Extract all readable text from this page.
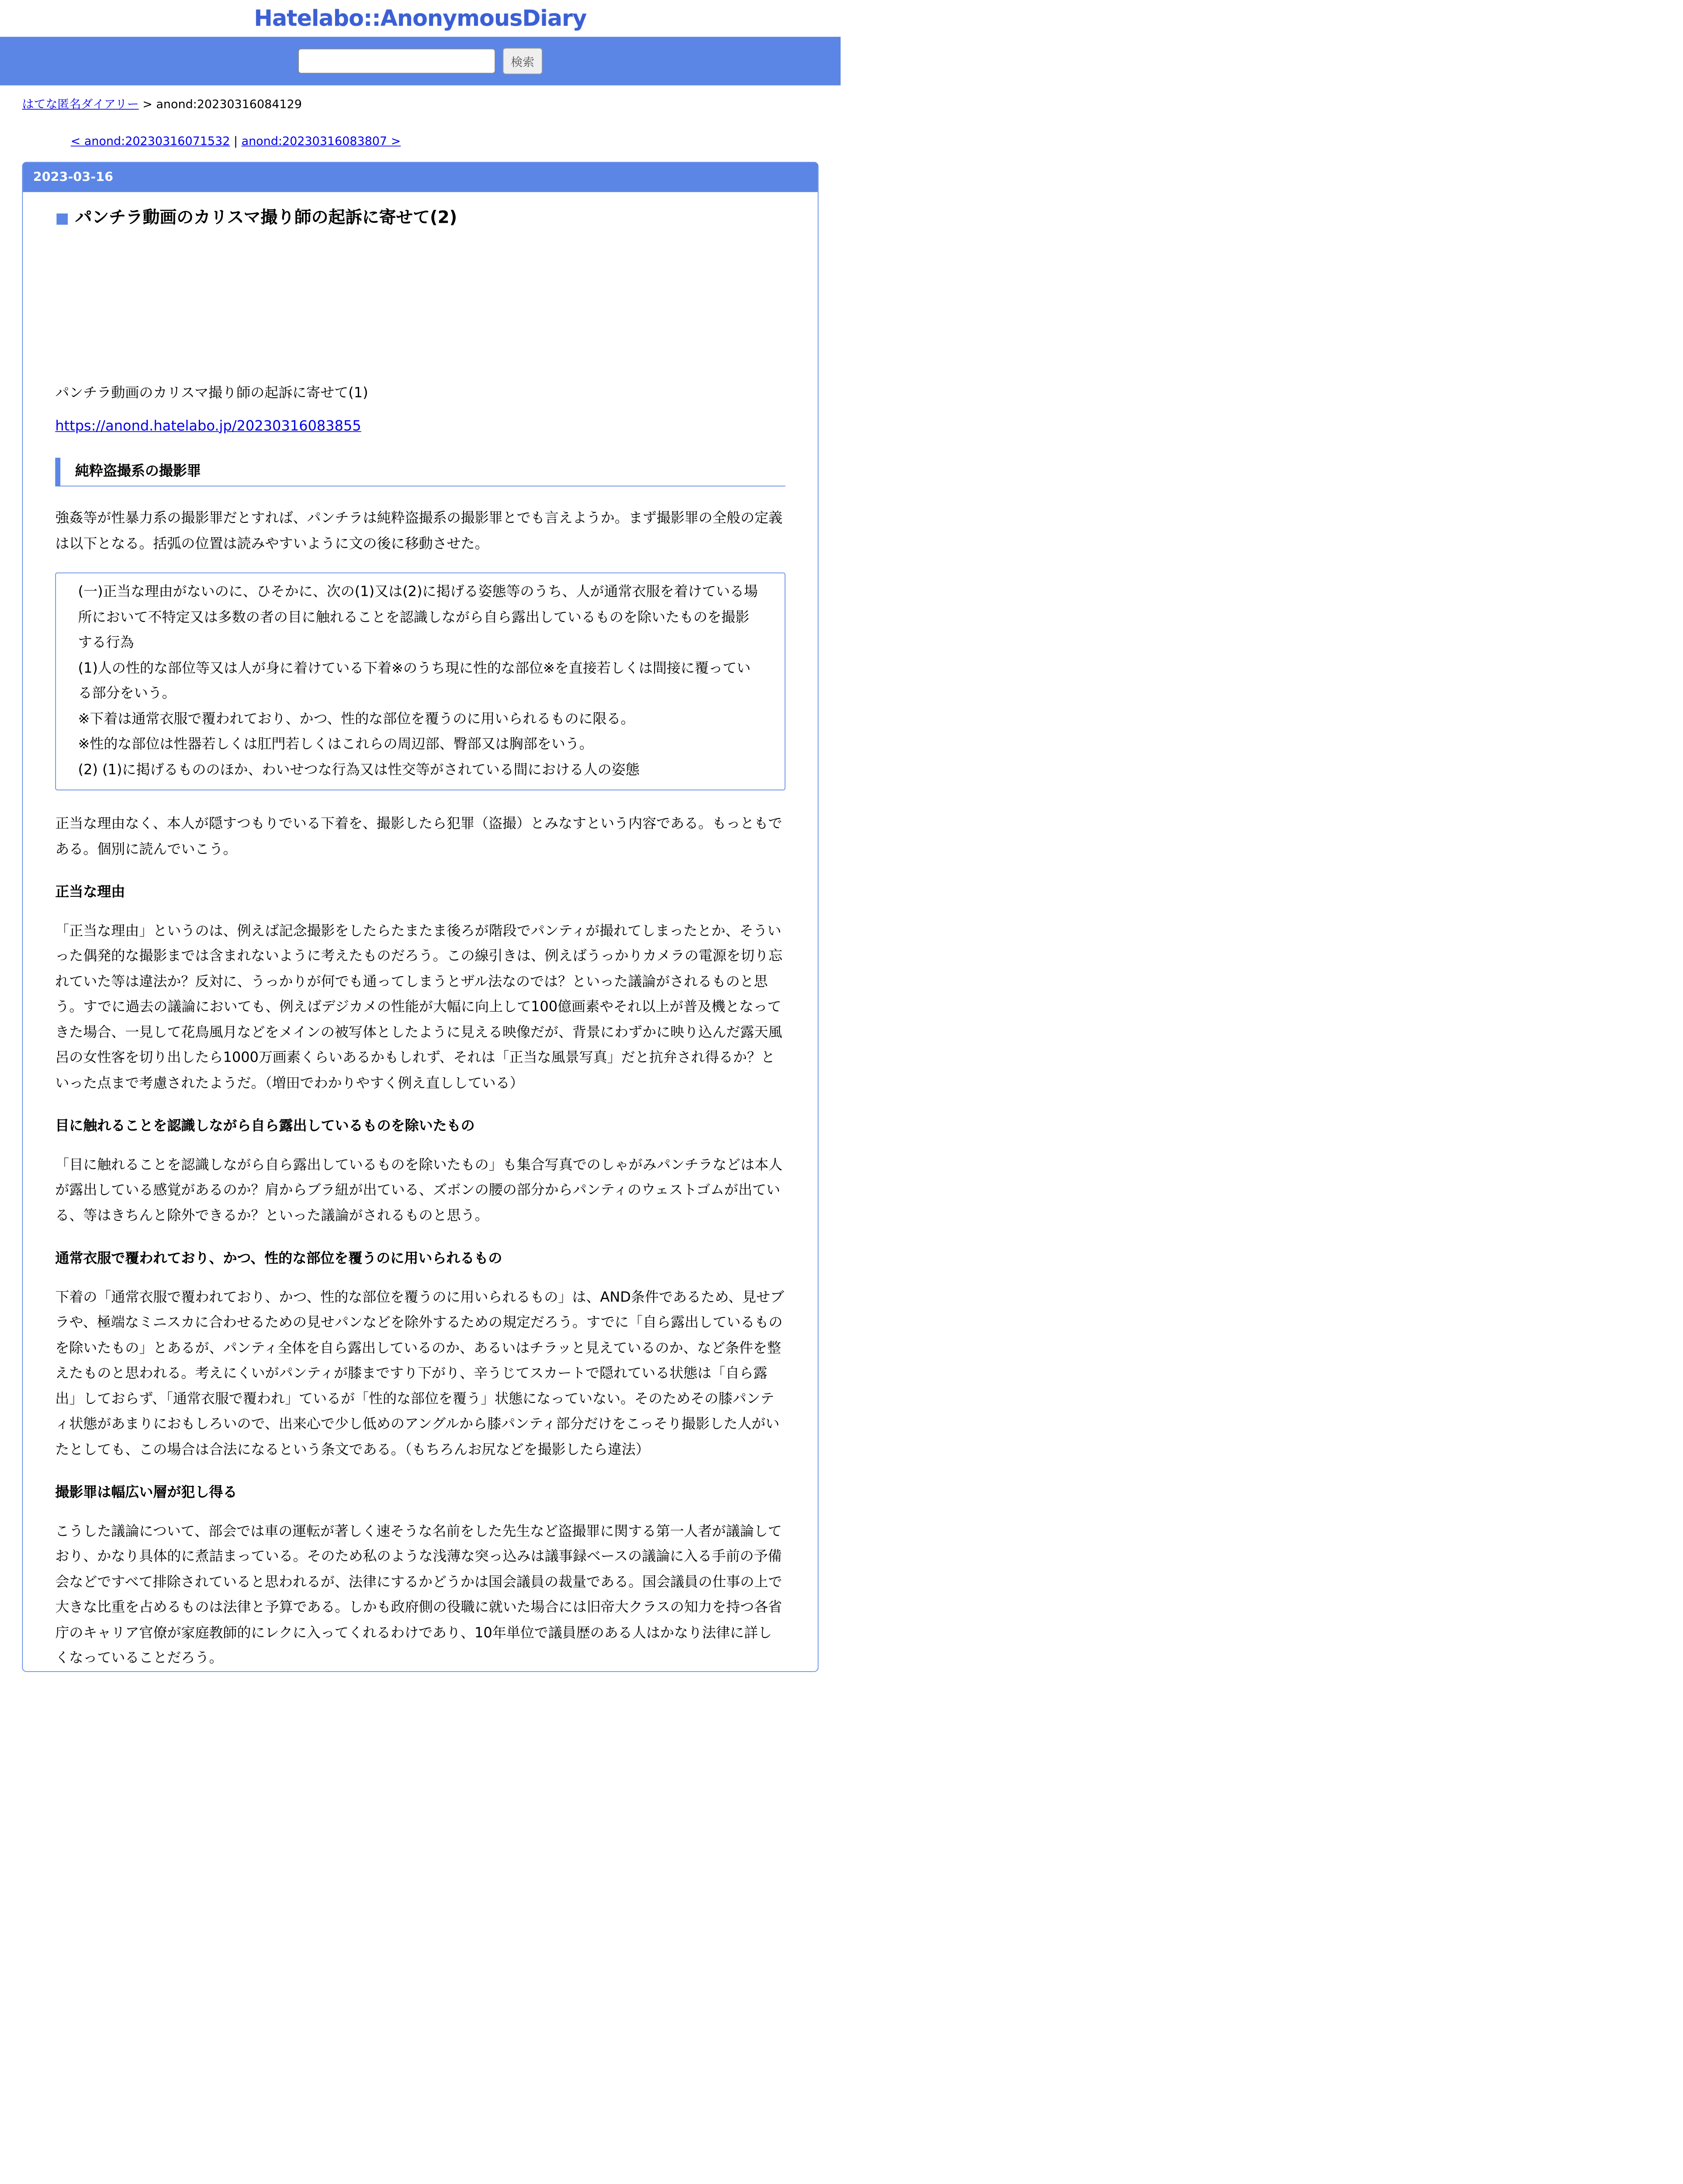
Hatelabo::AnonymousDiary
検索
はてな匿名ダイアリー > anond:20230316084129
< anond:20230316071532 | anond:20230316083807 >
2023-03-16
■ パンチラ動画のカリスマ撮り師の起訴に寄せて(2)

パンチラ動画のカリスマ撮り師の起訴に寄せて(1)

https://anond.hatelabo.jp/20230316083855

純粋盗撮系の撮影罪

強姦等が性暴力系の撮影罪だとすれば、パンチラは純粋盗撮系の撮影罪とでも言えようか。まず撮影罪の全般の定義は以下となる。括弧の位置は読みやすいように文の後に移動させた。

(一)正当な理由がないのに、ひそかに、次の(1)又は(2)に掲げる姿態等のうち、人が通常衣服を着けている場所において不特定又は多数の者の目に触れることを認識しながら自ら露出しているものを除いたものを撮影する行為

(1)人の性的な部位等又は人が身に着けている下着※のうち現に性的な部位※を直接若しくは間接に覆っている部分をいう。

※下着は通常衣服で覆われており、かつ、性的な部位を覆うのに用いられるものに限る。

※性的な部位は性器若しくは肛門若しくはこれらの周辺部、臀部又は胸部をいう。

(2) (1)に掲げるもののほか、わいせつな行為又は性交等がされている間における人の姿態

正当な理由なく、本人が隠すつもりでいる下着を、撮影したら犯罪（盗撮）とみなすという内容である。もっともである。個別に読んでいこう。

正当な理由

「正当な理由」というのは、例えば記念撮影をしたらたまたま後ろが階段でパンティが撮れてしまったとか、そういった偶発的な撮影までは含まれないように考えたものだろう。この線引きは、例えばうっかりカメラの電源を切り忘れていた等は違法か？反対に、うっかりが何でも通ってしまうとザル法なのでは？といった議論がされるものと思う。すでに過去の議論においても、例えばデジカメの性能が大幅に向上して100億画素やそれ以上が普及機となってきた場合、一見して花鳥風月などをメインの被写体としたように見える映像だが、背景にわずかに映り込んだ露天風呂の女性客を切り出したら1000万画素くらいあるかもしれず、それは「正当な風景写真」だと抗弁され得るか？といった点まで考慮されたようだ。（増田でわかりやすく例え直ししている）

目に触れることを認識しながら自ら露出しているものを除いたもの

「目に触れることを認識しながら自ら露出しているものを除いたもの」も集合写真でのしゃがみパンチラなどは本人が露出している感覚があるのか？肩からブラ紐が出ている、ズボンの腰の部分からパンティのウェストゴムが出ている、等はきちんと除外できるか？といった議論がされるものと思う。

通常衣服で覆われており、かつ、性的な部位を覆うのに用いられるもの

下着の「通常衣服で覆われており、かつ、性的な部位を覆うのに用いられるもの」は、AND条件であるため、見せブラや、極端なミニスカに合わせるための見せパンなどを除外するための規定だろう。すでに「自ら露出しているものを除いたもの」とあるが、パンティ全体を自ら露出しているのか、あるいはチラッと見えているのか、など条件を整えたものと思われる。考えにくいがパンティが膝まですり下がり、辛うじてスカートで隠れている状態は「自ら露出」しておらず、「通常衣服で覆われ」ているが「性的な部位を覆う」状態になっていない。そのためその膝パンティ状態があまりにおもしろいので、出来心で少し低めのアングルから膝パンティ部分だけをこっそり撮影した人がいたとしても、この場合は合法になるという条文である。（もちろんお尻などを撮影したら違法）

撮影罪は幅広い層が犯し得る

こうした議論について、部会では車の運転が著しく速そうな名前をした先生など盗撮罪に関する第一人者が議論しており、かなり具体的に煮詰まっている。そのため私のような浅薄な突っ込みは議事録ベースの議論に入る手前の予備会などですべて排除されていると思われるが、法律にするかどうかは国会議員の裁量である。国会議員の仕事の上で大きな比重を占めるものは法律と予算である。しかも政府側の役職に就いた場合には旧帝大クラスの知力を持つ各省庁のキャリア官僚が家庭教師的にレクに入ってくれるわけであり、10年単位で議員歴のある人はかなり法律に詳しくなっていることだろう。
